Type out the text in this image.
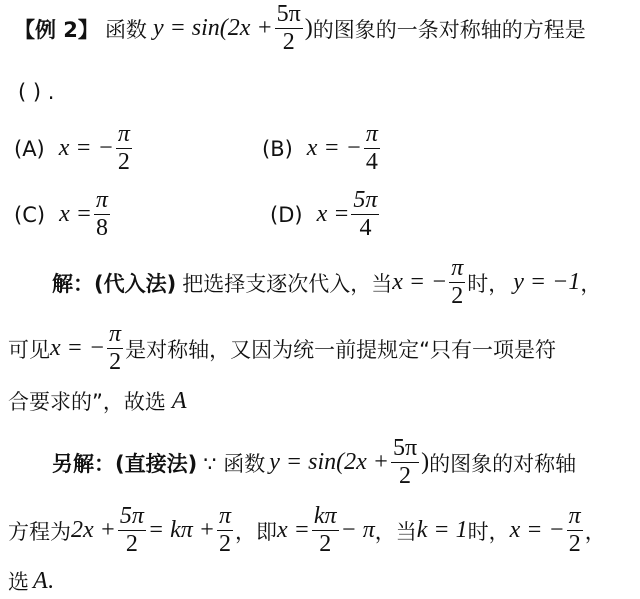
【例 2】 函数 $y = \sin(2x + \frac{5\pi}{2}$ ) 的图象的一条对称轴的方程是
( ) .
(A) x = − $\frac{\pi}{2}$	(B) x = − $\frac{\pi}{4}$
(C) $x = \frac{\pi}{8}$	(D) $x = \frac{5\pi}{4}$
解：(代入法) 把选择支逐次代入，当 x = − $\frac{\pi}{2}$ 时， y = −1 ，
可见 x = − $\frac{\pi}{2}$ 是对称轴，又因为统一前提规定“只有一项是符
合要求的”，故选 A
另解：(直接法) ∵ 函数 $y = \sin(2x + \frac{5\pi}{2}$ ) 的图象的对称轴
方程为 $2x + \frac{5\pi}{2} = k\pi + \frac{\pi}{2}$ ，即 $x = \frac{k\pi}{2} - \pi$ ，当 k = 1 时， x = − $\frac{\pi}{2}$ ，
选 A .
